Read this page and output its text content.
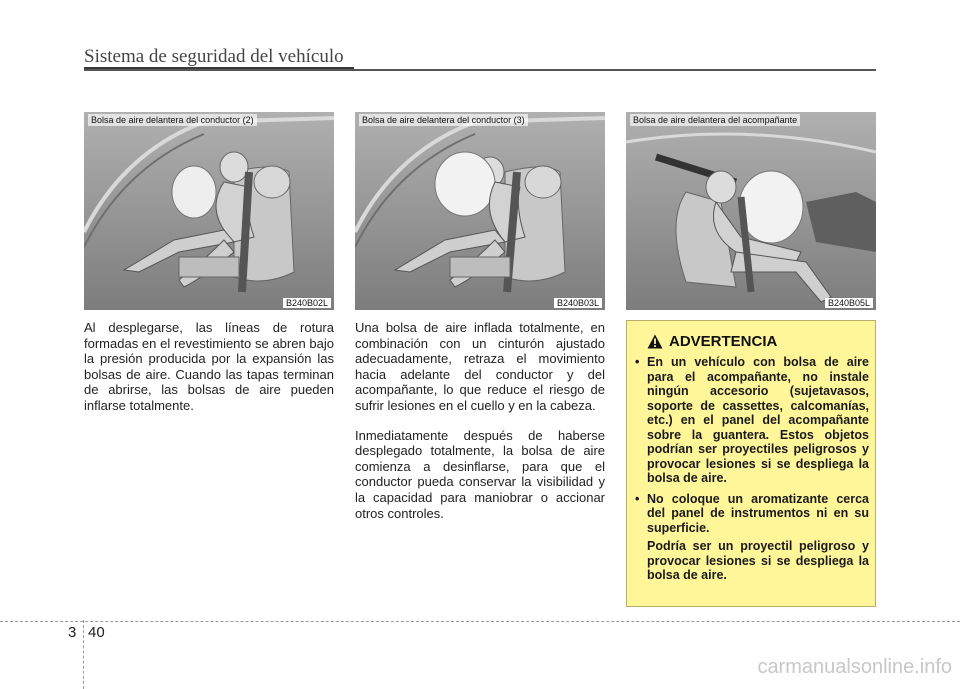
Sistema de seguridad del vehículo
Bolsa de aire delantera del conductor (2)
B240B02L
Bolsa de aire delantera del conductor (3)
B240B03L
Bolsa de aire delantera del acompañante
B240B05L

Al desplegarse, las líneas de rotura formadas en el revestimiento se abren bajo la presión producida por la expansión las bolsas de aire. Cuando las tapas terminan de abrirse, las bolsas de aire pueden inflarse totalmente.

Una bolsa de aire inflada totalmente, en combinación con un cinturón ajustado adecuadamente, retraza el movimiento hacia adelante del conductor y del acompañante, lo que reduce el riesgo de sufrir lesiones en el cuello y en la cabeza.

Inmediatamente después de haberse desplegado totalmente, la bolsa de aire comienza a desinflarse, para que el conductor pueda conservar la visibilidad y la capacidad para maniobrar o accionar otros controles.

ADVERTENCIA
• En un vehículo con bolsa de aire para el acompañante, no instale ningún accesorio (sujetavasos, soporte de cassettes, calcomanías, etc.) en el panel del acompañante sobre la guantera. Estos objetos podrían ser proyectiles peligrosos y provocar lesiones si se despliega la bolsa de aire.

• No coloque un aromatizante cerca del panel de instrumentos ni en su superficie.

Podría ser un proyectil peligroso y provocar lesiones si se despliega la bolsa de aire.

3 40
carmanualsonline.info
